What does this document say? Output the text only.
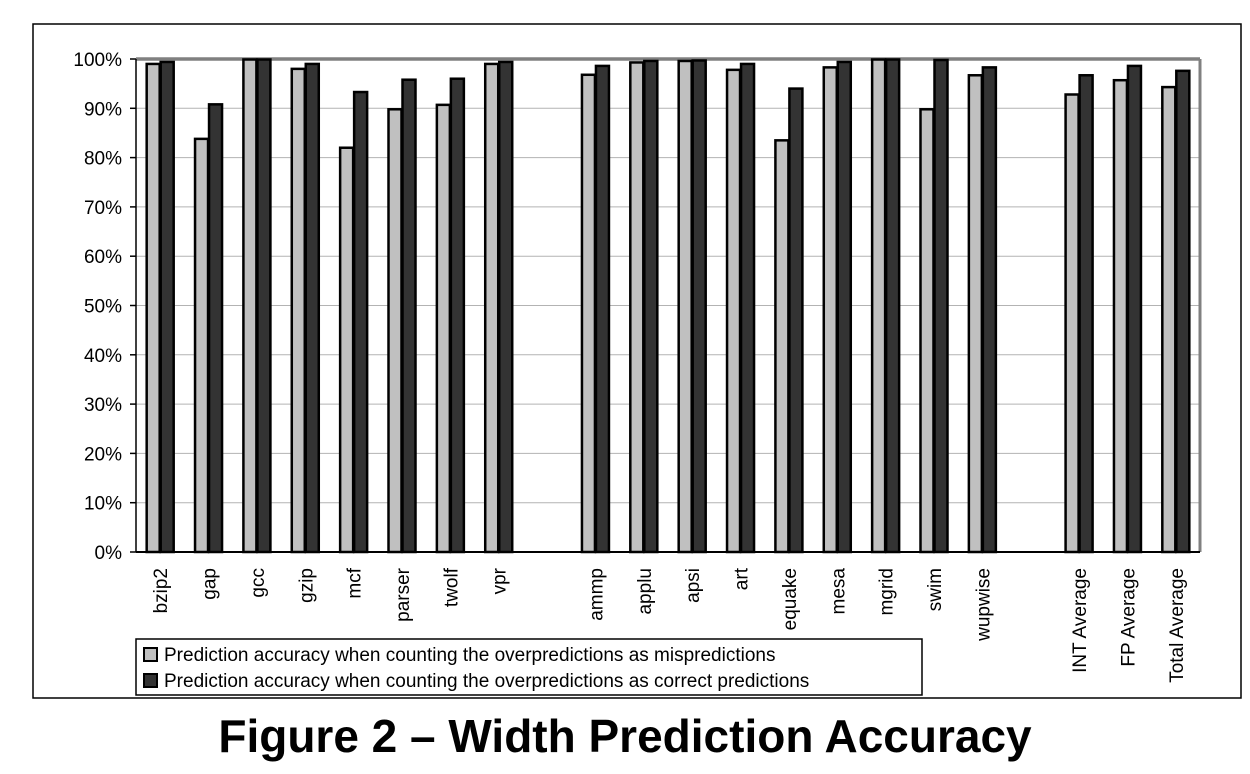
0%
10%
20%
30%
40%
50%
60%
70%
80%
90%
100%
bzip2 gap gcc gzip mcf parser twolf vpr	ammp applu apsi art equake mesa mgrid swim wupwise	INT Average FP Average Total Average
Prediction accuracy when counting the overpredictions as mispredictions
Prediction accuracy when counting the overpredictions as correct predictions
Figure 2 – Width Prediction Accuracy
